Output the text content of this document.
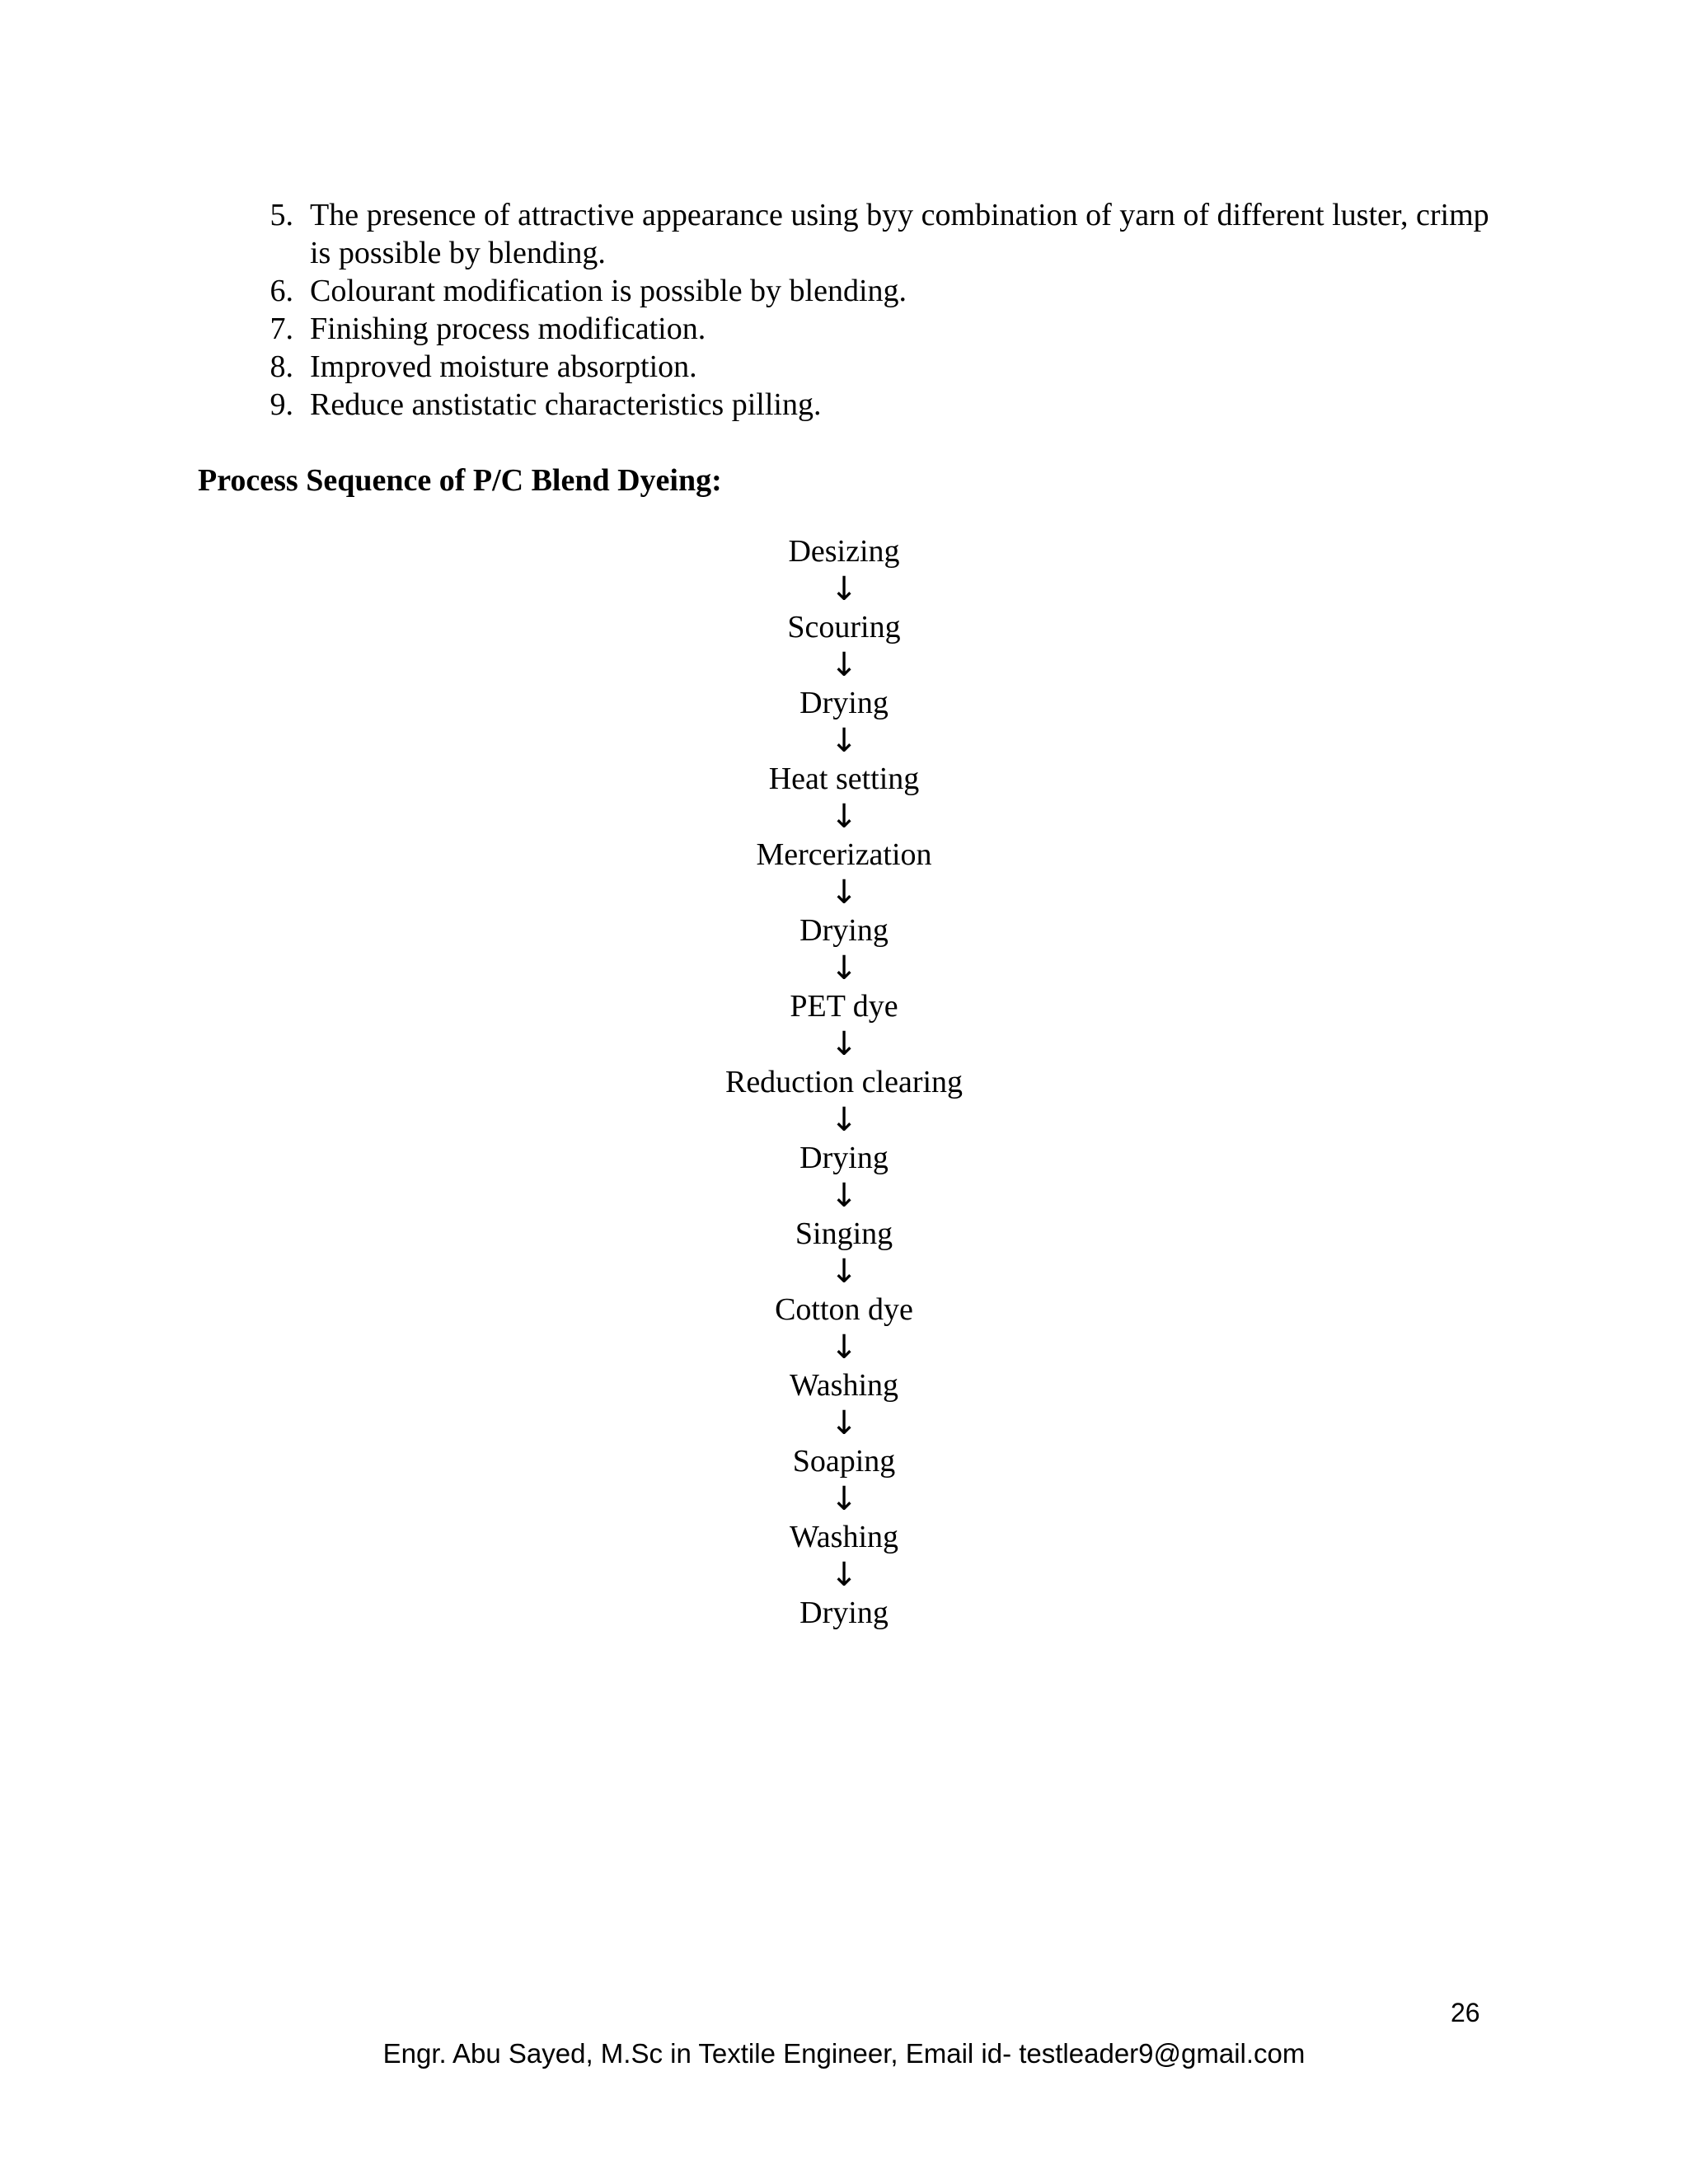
5. The presence of attractive appearance using byy combination of yarn of different luster, crimp is possible by blending.
6. Colourant modification is possible by blending.
7. Finishing process modification.
8. Improved moisture absorption.
9. Reduce anstistatic characteristics pilling.
Process Sequence of P/C Blend Dyeing:
Desizing
↓
Scouring
↓
Drying
↓
Heat setting
↓
Mercerization
↓
Drying
↓
PET dye
↓
Reduction clearing
↓
Drying
↓
Singing
↓
Cotton dye
↓
Washing
↓
Soaping
↓
Washing
↓
Drying
26
Engr. Abu Sayed, M.Sc in Textile Engineer, Email id- testleader9@gmail.com
